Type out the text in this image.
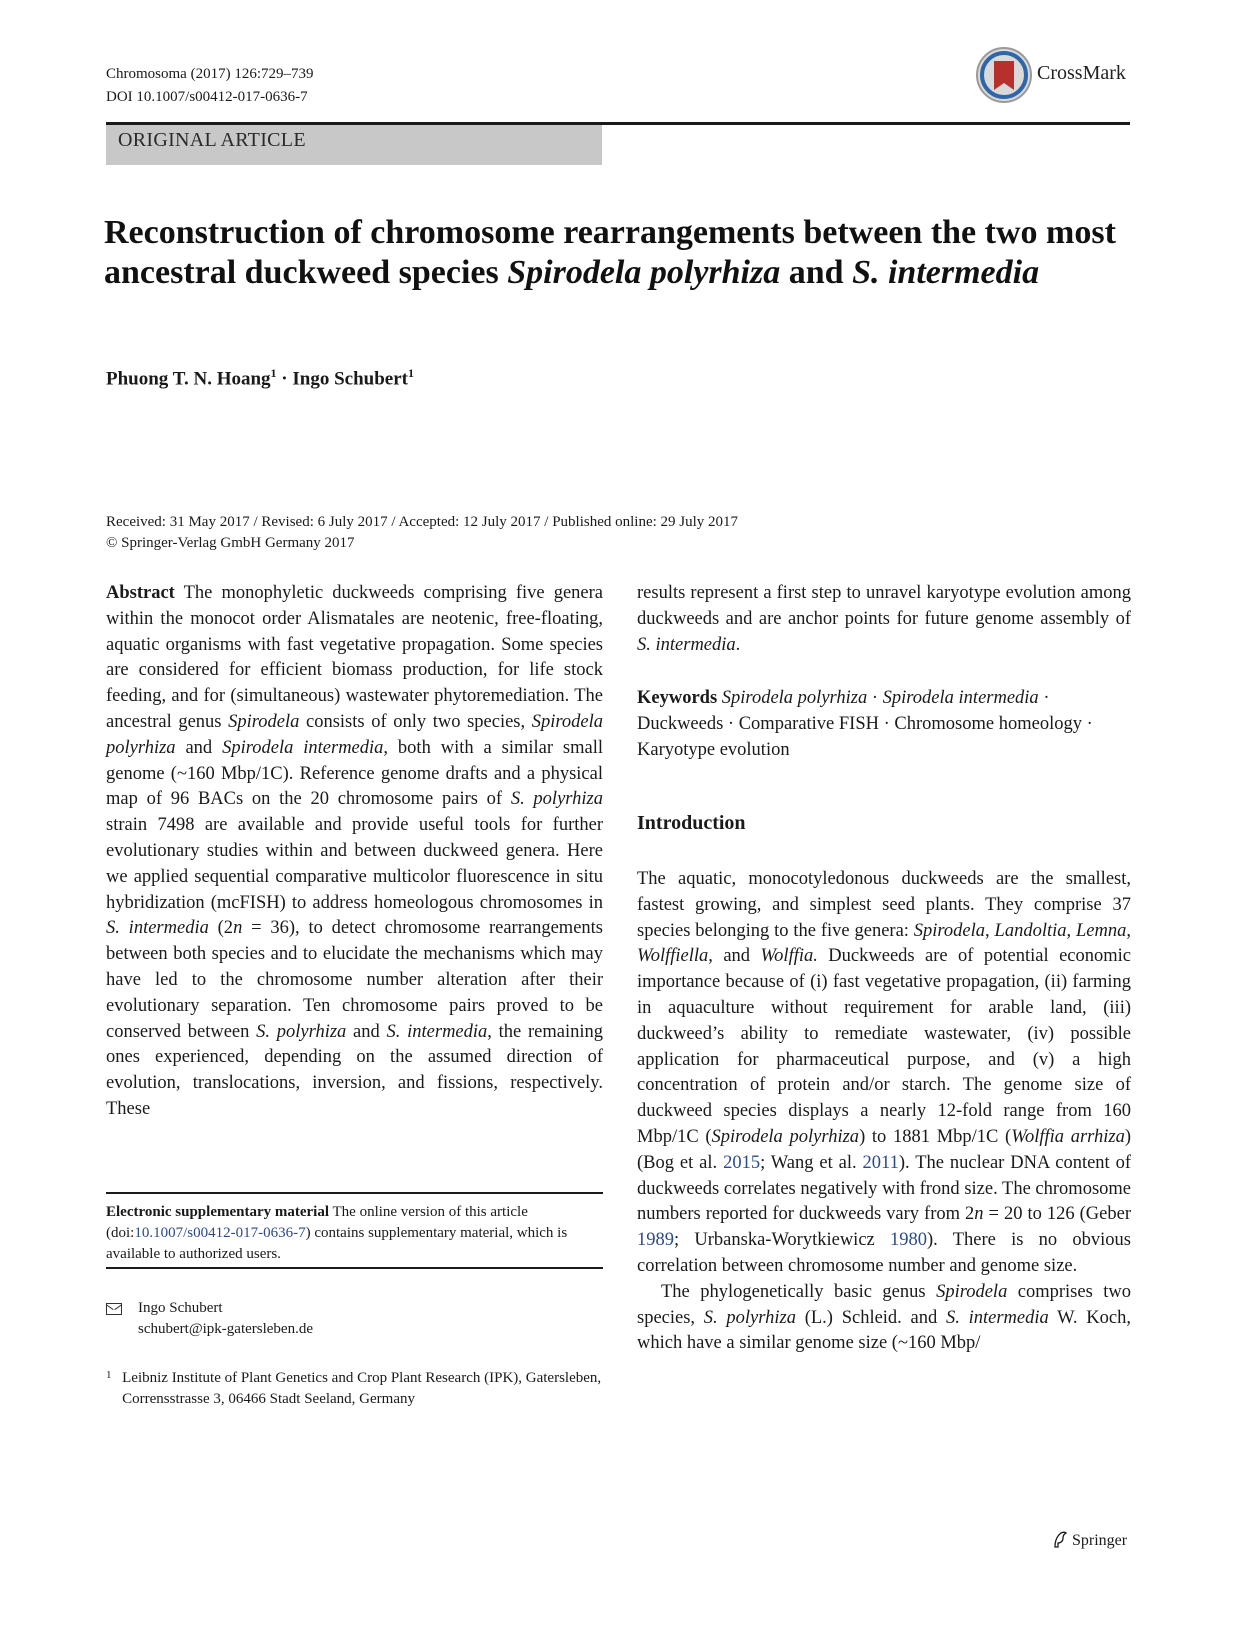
Chromosoma (2017) 126:729–739
DOI 10.1007/s00412-017-0636-7
CrossMark
ORIGINAL ARTICLE
Reconstruction of chromosome rearrangements between the two most ancestral duckweed species Spirodela polyrhiza and S. intermedia
Phuong T. N. Hoang$^1$ · Ingo Schubert$^1$
Received: 31 May 2017 / Revised: 6 July 2017 / Accepted: 12 July 2017 / Published online: 29 July 2017
© Springer-Verlag GmbH Germany 2017
Abstract The monophyletic duckweeds comprising five genera within the monocot order Alismatales are neotenic, free-floating, aquatic organisms with fast vegetative propagation. Some species are considered for efficient biomass production, for life stock feeding, and for (simultaneous) wastewater phytoremediation. The ancestral genus Spirodela consists of only two species, Spirodela polyrhiza and Spirodela intermedia, both with a similar small genome (~160 Mbp/1C). Reference genome drafts and a physical map of 96 BACs on the 20 chromosome pairs of S. polyrhiza strain 7498 are available and provide useful tools for further evolutionary studies within and between duckweed genera. Here we applied sequential comparative multicolor fluorescence in situ hybridization (mcFISH) to address homeologous chromosomes in S. intermedia (2n = 36), to detect chromosome rearrangements between both species and to elucidate the mechanisms which may have led to the chromosome number alteration after their evolutionary separation. Ten chromosome pairs proved to be conserved between S. polyrhiza and S. intermedia, the remaining ones experienced, depending on the assumed direction of evolution, translocations, inversion, and fissions, respectively. These
results represent a first step to unravel karyotype evolution among duckweeds and are anchor points for future genome assembly of S. intermedia.
Keywords Spirodela polyrhiza · Spirodela intermedia · Duckweeds · Comparative FISH · Chromosome homeology · Karyotype evolution
Introduction
The aquatic, monocotyledonous duckweeds are the smallest, fastest growing, and simplest seed plants. They comprise 37 species belonging to the five genera: Spirodela, Landoltia, Lemna, Wolffiella, and Wolffia. Duckweeds are of potential economic importance because of (i) fast vegetative propagation, (ii) farming in aquaculture without requirement for arable land, (iii) duckweed’s ability to remediate wastewater, (iv) possible application for pharmaceutical purpose, and (v) a high concentration of protein and/or starch. The genome size of duckweed species displays a nearly 12-fold range from 160 Mbp/1C (Spirodela polyrhiza) to 1881 Mbp/1C (Wolffia arrhiza) (Bog et al. 2015; Wang et al. 2011). The nuclear DNA content of duckweeds correlates negatively with frond size. The chromosome numbers reported for duckweeds vary from 2n = 20 to 126 (Geber 1989; Urbanska-Worytkiewicz 1980). There is no obvious correlation between chromosome number and genome size.
The phylogenetically basic genus Spirodela comprises two species, S. polyrhiza (L.) Schleid. and S. intermedia W. Koch, which have a similar genome size (~160 Mbp/
Electronic supplementary material The online version of this article (doi:10.1007/s00412-017-0636-7) contains supplementary material, which is available to authorized users.
Ingo Schubert
schubert@ipk-gatersleben.de
1 Leibniz Institute of Plant Genetics and Crop Plant Research (IPK), Gatersleben, Corrensstrasse 3, 06466 Stadt Seeland, Germany
Springer
